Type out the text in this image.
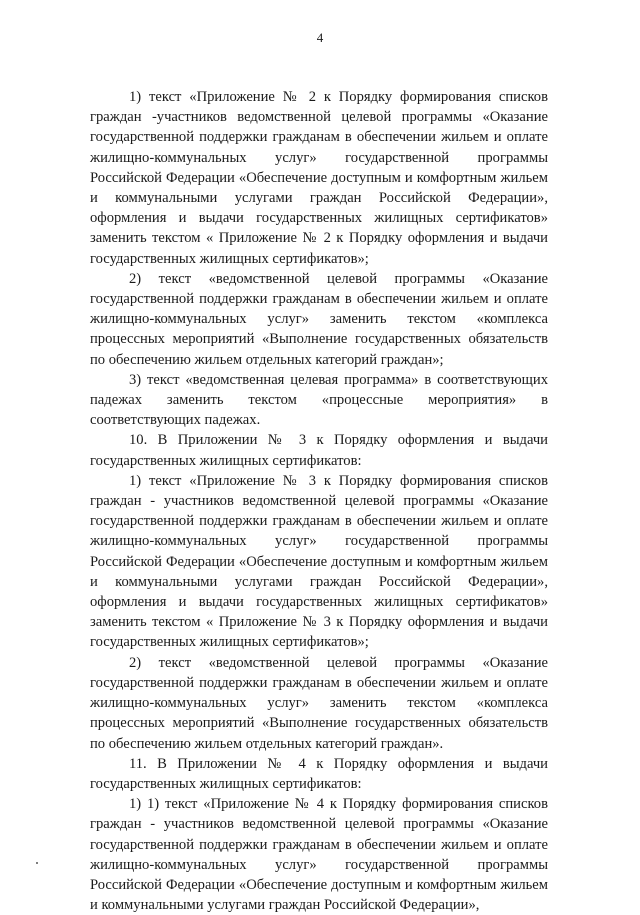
4

1) текст «Приложение № 2 к Порядку формирования списков граждан -участников ведомственной целевой программы «Оказание государственной поддержки гражданам в обеспечении жильем и оплате жилищно-коммунальных услуг» государственной программы Российской Федерации «Обеспечение доступным и комфортным жильем и коммунальными услугами граждан Российской Федерации», оформления и выдачи государственных жилищных сертификатов» заменить текстом « Приложение № 2 к Порядку оформления и выдачи государственных жилищных сертификатов»;

2) текст «ведомственной целевой программы «Оказание государственной поддержки гражданам в обеспечении жильем и оплате жилищно-коммунальных услуг» заменить текстом «комплекса процессных мероприятий «Выполнение государственных обязательств по обеспечению жильем отдельных категорий граждан»;

3) текст «ведомственная целевая программа» в соответствующих падежах заменить текстом «процессные мероприятия» в соответствующих падежах.

10. В Приложении № 3 к Порядку оформления и выдачи государственных жилищных сертификатов:

1) текст «Приложение № 3 к Порядку формирования списков граждан - участников ведомственной целевой программы «Оказание государственной поддержки гражданам в обеспечении жильем и оплате жилищно-коммунальных услуг» государственной программы Российской Федерации «Обеспечение доступным и комфортным жильем и коммунальными услугами граждан Российской Федерации», оформления и выдачи государственных жилищных сертификатов» заменить текстом « Приложение № 3 к Порядку оформления и выдачи государственных жилищных сертификатов»;

2) текст «ведомственной целевой программы «Оказание государственной поддержки гражданам в обеспечении жильем и оплате жилищно-коммунальных услуг» заменить текстом «комплекса процессных мероприятий «Выполнение государственных обязательств по обеспечению жильем отдельных категорий граждан».

11. В Приложении № 4 к Порядку оформления и выдачи государственных жилищных сертификатов:

1) 1) текст «Приложение № 4 к Порядку формирования списков граждан - участников ведомственной целевой программы «Оказание государственной поддержки гражданам в обеспечении жильем и оплате жилищно-коммунальных услуг» государственной программы Российской Федерации «Обеспечение доступным и комфортным жильем и коммунальными услугами граждан Российской Федерации»,
